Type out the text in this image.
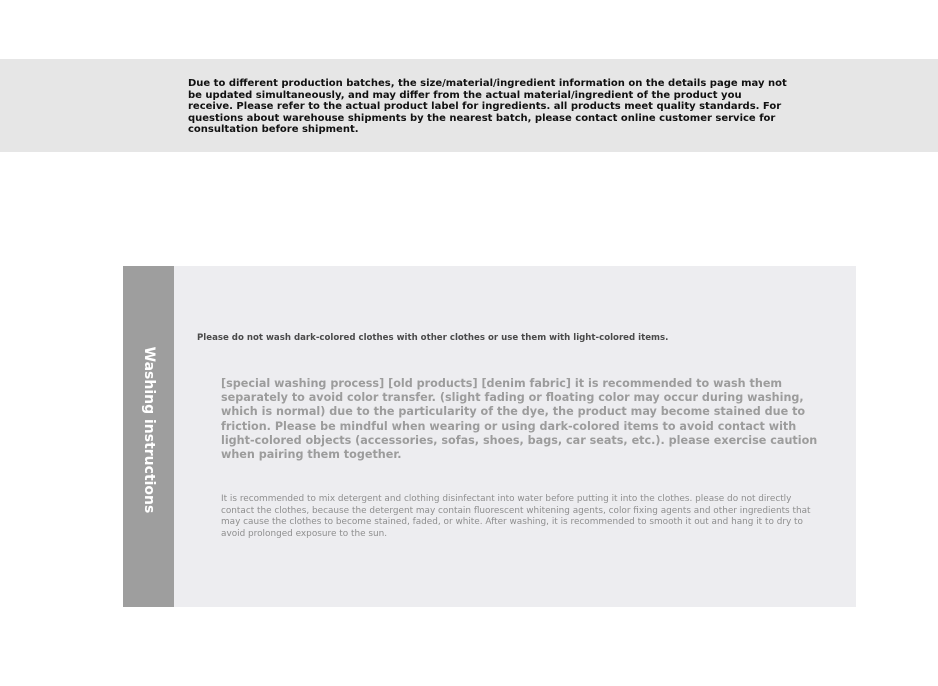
Due to different production batches, the size/material/ingredient information on the details page may not be updated simultaneously, and may differ from the actual material/ingredient of the product you receive. Please refer to the actual product label for ingredients. all products meet quality standards. For questions about warehouse shipments by the nearest batch, please contact online customer service for consultation before shipment.

Washing instructions

Please do not wash dark-colored clothes with other clothes or use them with light-colored items.

[special washing process] [old products] [denim fabric] it is recommended to wash them separately to avoid color transfer. (slight fading or floating color may occur during washing, which is normal) due to the particularity of the dye, the product may become stained due to friction. Please be mindful when wearing or using dark-colored items to avoid contact with light-colored objects (accessories, sofas, shoes, bags, car seats, etc.). please exercise caution when pairing them together.

It is recommended to mix detergent and clothing disinfectant into water before putting it into the clothes. please do not directly contact the clothes, because the detergent may contain fluorescent whitening agents, color fixing agents and other ingredients that may cause the clothes to become stained, faded, or white. After washing, it is recommended to smooth it out and hang it to dry to avoid prolonged exposure to the sun.
